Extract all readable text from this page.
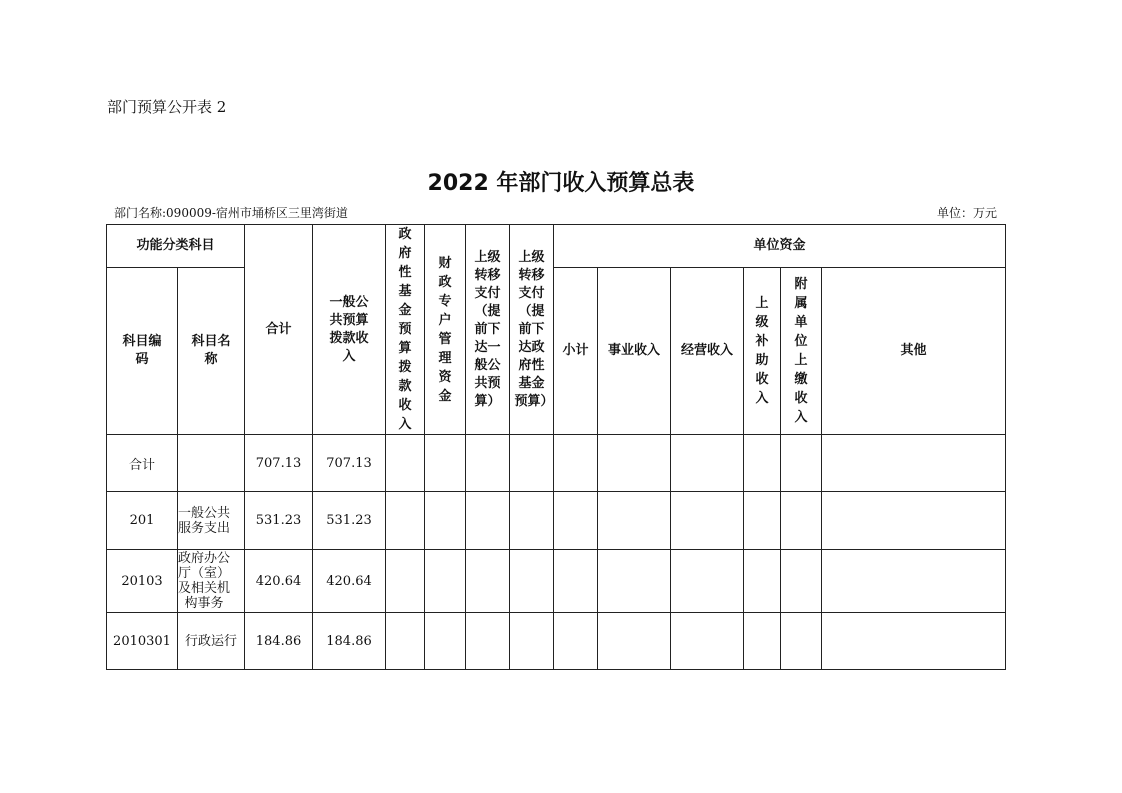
部门预算公开表 2
2022 年部门收入预算总表
部门名称:090009-宿州市埇桥区三里湾街道	单位：万元
功能分类科目		合计	一般公共预算拨款收入	政府性基金预算拨款收入	财政专户管理资金	上级转移支付（提前下达一般公共预算）	上级转移支付（提前下达政府性基金预算）	单位资金					

科目编码	科目名称							小计	事业收入	经营收入	上级补助收入	附属单位上缴收入	其他
合计		707.13	707.13										
201	一般公共服务支出	531.23	531.23										
20103	政府办公厅（室）及相关机构事务	420.64	420.64										
2010301	行政运行	184.86	184.86										
